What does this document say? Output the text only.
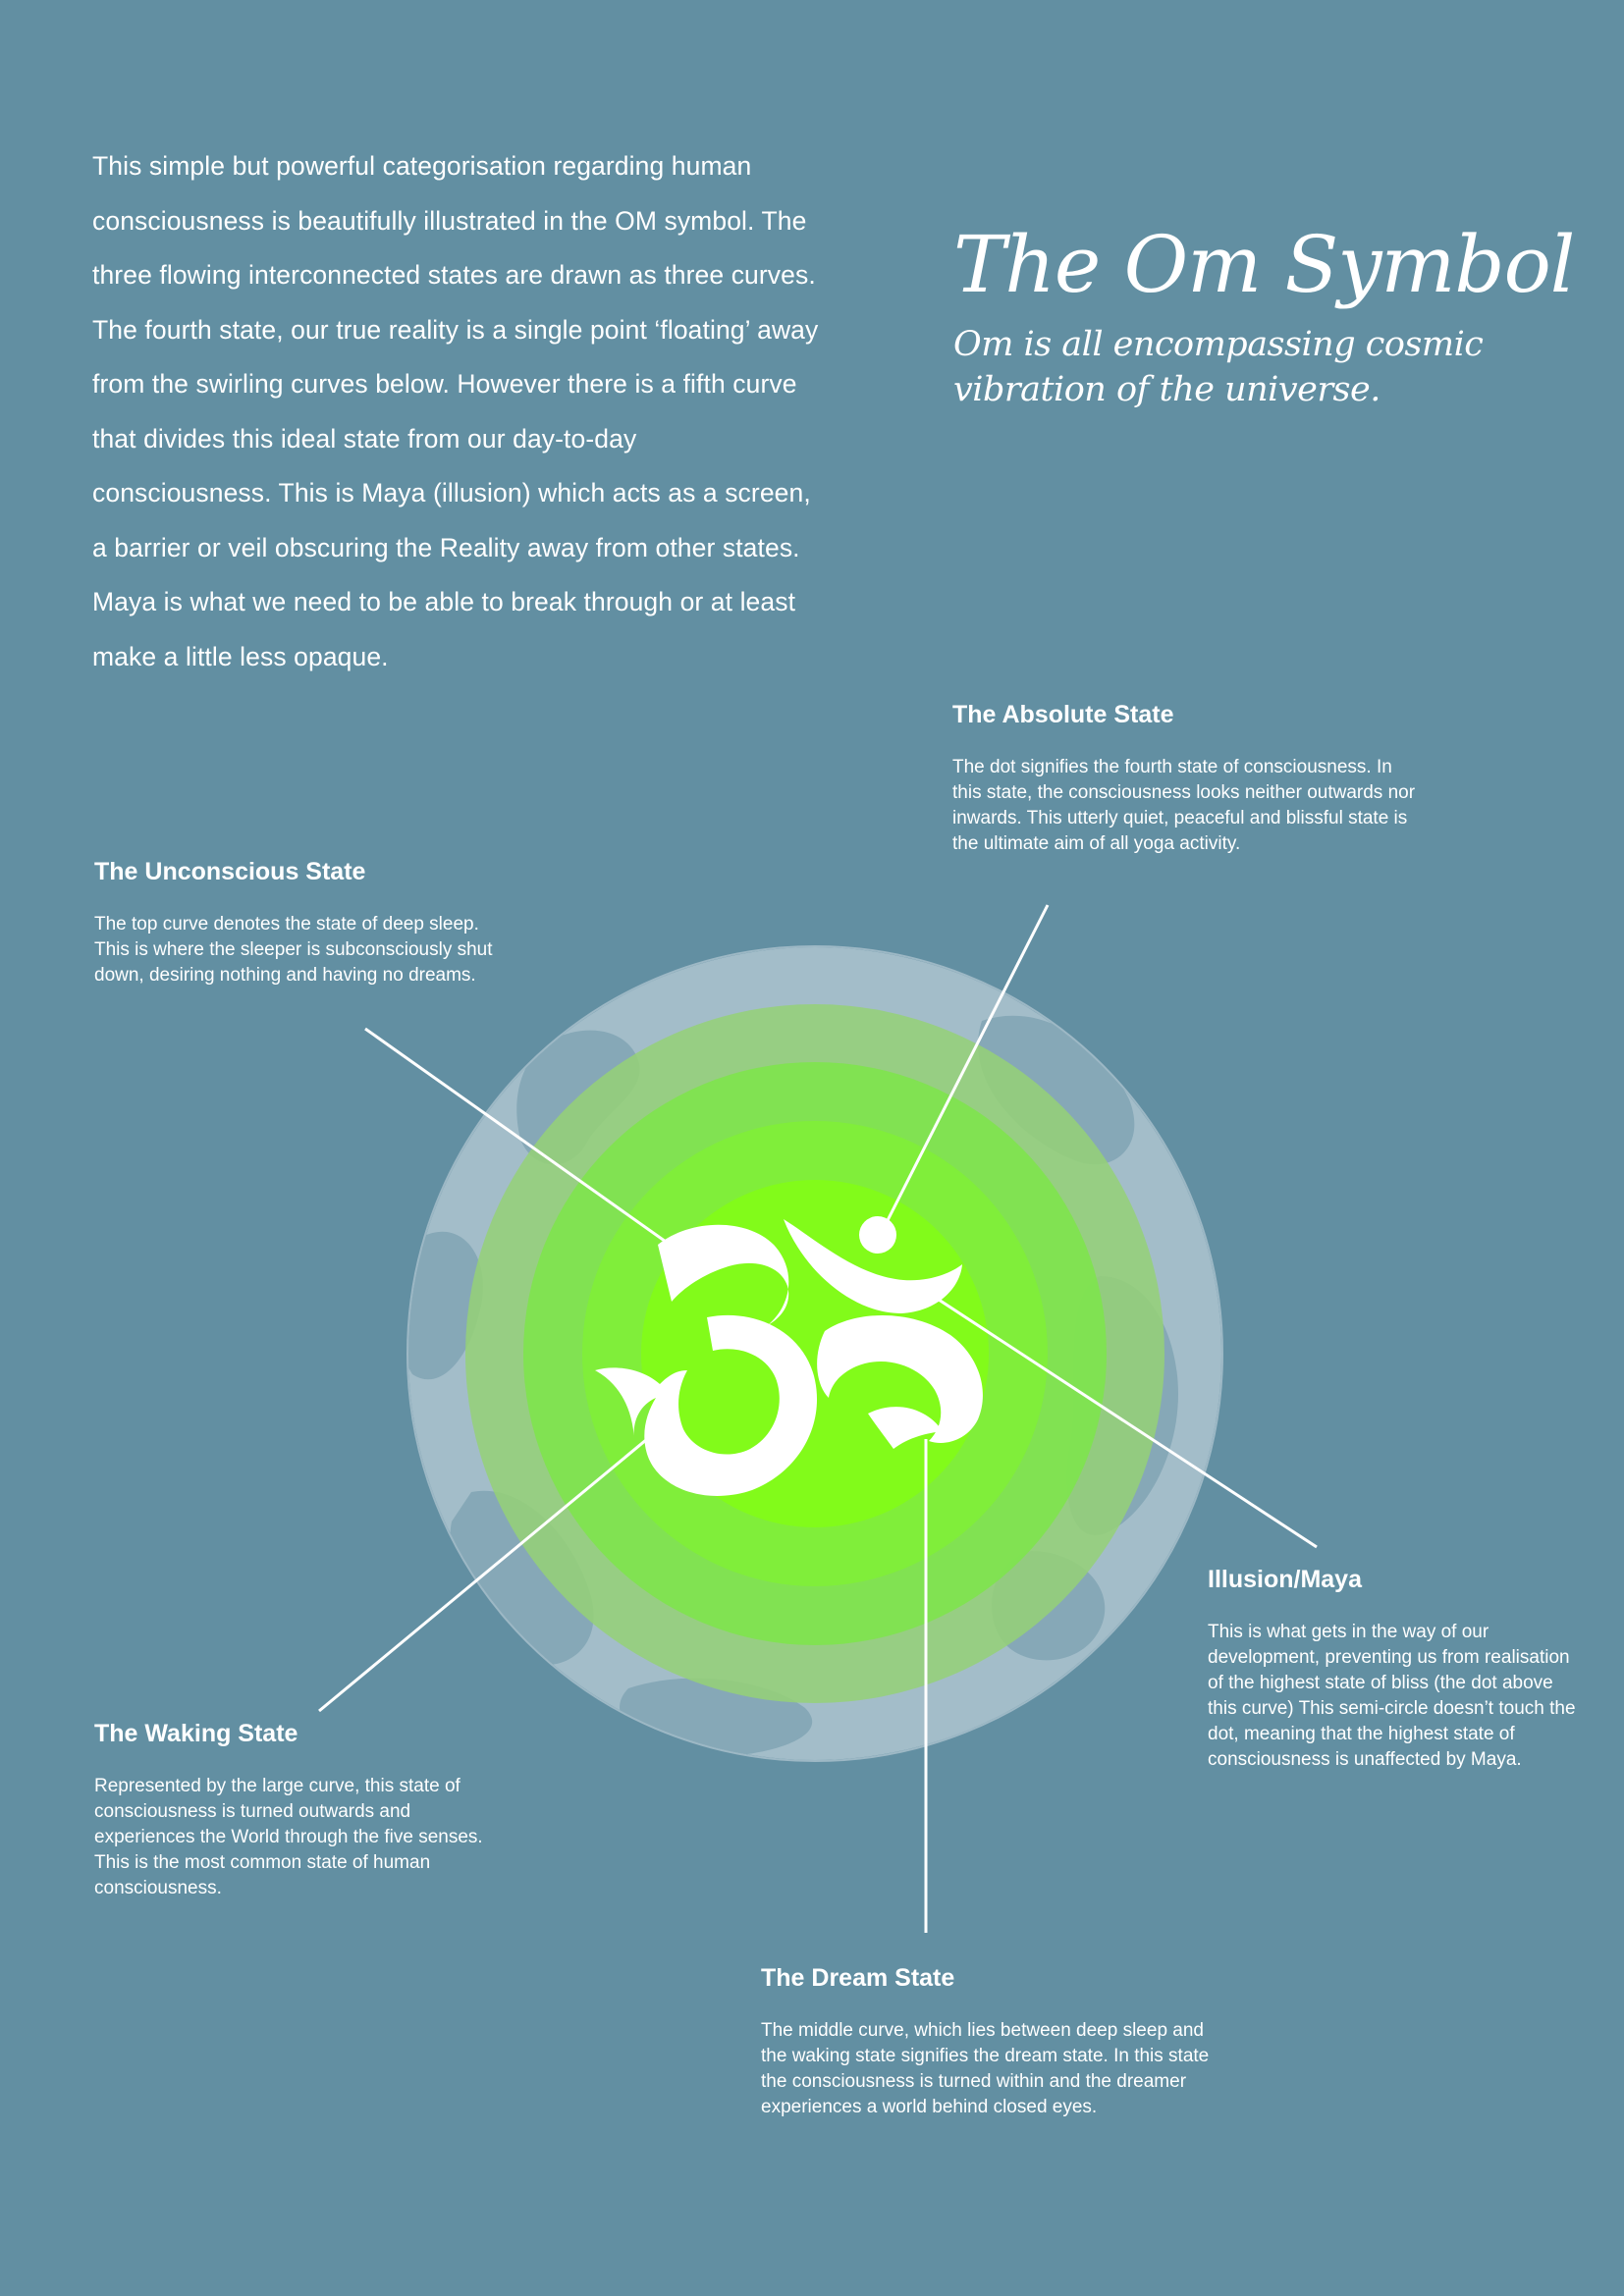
This simple but powerful categorisation regarding human consciousness is beautifully illustrated in the OM symbol. The three flowing interconnected states are drawn as three curves. The fourth state, our true reality is a single point ‘floating’ away from the swirling curves below. However there is a fifth curve that divides this ideal state from our day-to-day consciousness. This is Maya (illusion) which acts as a screen, a barrier or veil obscuring the Reality away from other states. Maya is what we need to be able to break through or at least make a little less opaque.
The Om Symbol
Om is all encompassing cosmic vibration of the universe.
The Absolute State

The dot signifies the fourth state of consciousness. In this state, the consciousness looks neither outwards nor inwards. This utterly quiet, peaceful and blissful state is the ultimate aim of all yoga activity.

The Unconscious State

The top curve denotes the state of deep sleep. This is where the sleeper is subconsciously shut down, desiring nothing and having no dreams.

Illusion/Maya

This is what gets in the way of our development, preventing us from realisation of the highest state of bliss (the dot above this curve) This semi-circle doesn’t touch the dot, meaning that the highest state of consciousness is unaffected by Maya.

The Waking State

Represented by the large curve, this state of consciousness is turned outwards and experiences the World through the five senses. This is the most common state of human consciousness.

The Dream State

The middle curve, which lies between deep sleep and the waking state signifies the dream state. In this state the consciousness is turned within and the dreamer experiences a world behind closed eyes.
